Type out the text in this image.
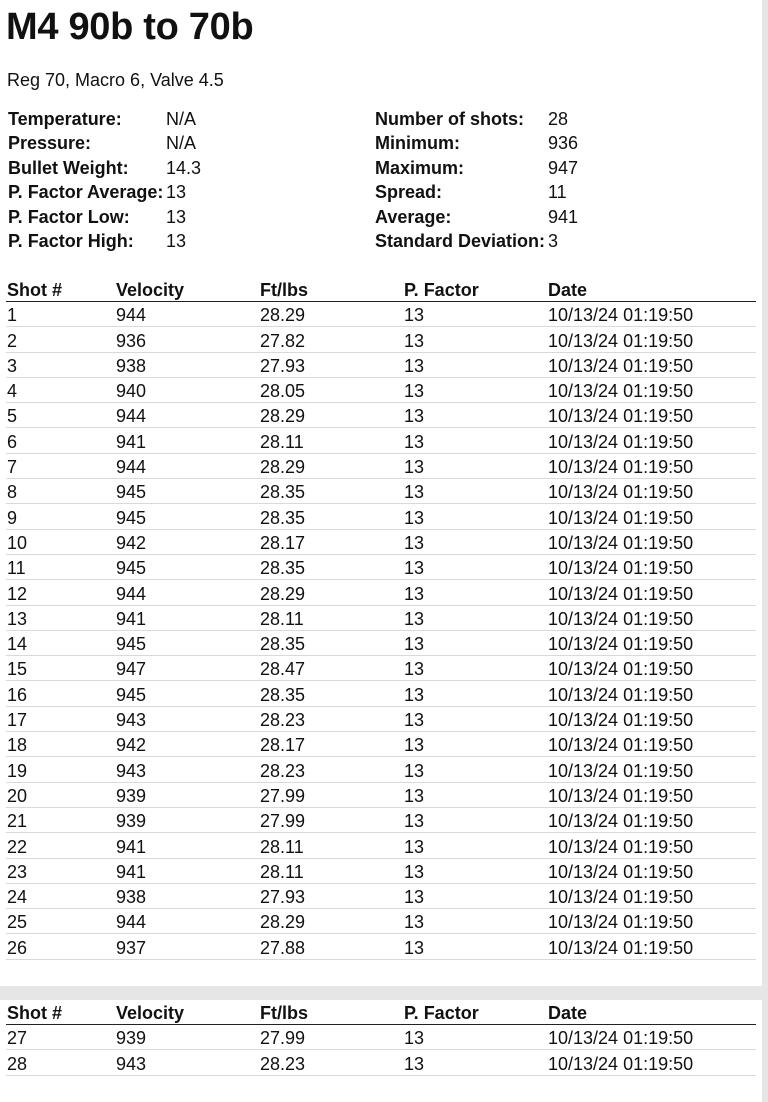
M4 90b to 70b
Reg 70, Macro 6, Valve 4.5
Temperature:	N/A
Pressure:	N/A
Bullet Weight:	14.3
P. Factor Average: 13
P. Factor Low:	13
P. Factor High:	13
Number of shots:	28
Minimum:	936
Maximum:	947
Spread:	11
Average:	941
Standard Deviation: 3
Shot #	Velocity	Ft/lbs	P. Factor	Date
1	944	28.29	13	10/13/24 01:19:50
2	936	27.82	13	10/13/24 01:19:50
3	938	27.93	13	10/13/24 01:19:50
4	940	28.05	13	10/13/24 01:19:50
5	944	28.29	13	10/13/24 01:19:50
6	941	28.11	13	10/13/24 01:19:50
7	944	28.29	13	10/13/24 01:19:50
8	945	28.35	13	10/13/24 01:19:50
9	945	28.35	13	10/13/24 01:19:50
10	942	28.17	13	10/13/24 01:19:50
11	945	28.35	13	10/13/24 01:19:50
12	944	28.29	13	10/13/24 01:19:50
13	941	28.11	13	10/13/24 01:19:50
14	945	28.35	13	10/13/24 01:19:50
15	947	28.47	13	10/13/24 01:19:50
16	945	28.35	13	10/13/24 01:19:50
17	943	28.23	13	10/13/24 01:19:50
18	942	28.17	13	10/13/24 01:19:50
19	943	28.23	13	10/13/24 01:19:50
20	939	27.99	13	10/13/24 01:19:50
21	939	27.99	13	10/13/24 01:19:50
22	941	28.11	13	10/13/24 01:19:50
23	941	28.11	13	10/13/24 01:19:50
24	938	27.93	13	10/13/24 01:19:50
25	944	28.29	13	10/13/24 01:19:50
26	937	27.88	13	10/13/24 01:19:50
Shot #	Velocity	Ft/lbs	P. Factor	Date
27	939	27.99	13	10/13/24 01:19:50
28	943	28.23	13	10/13/24 01:19:50
